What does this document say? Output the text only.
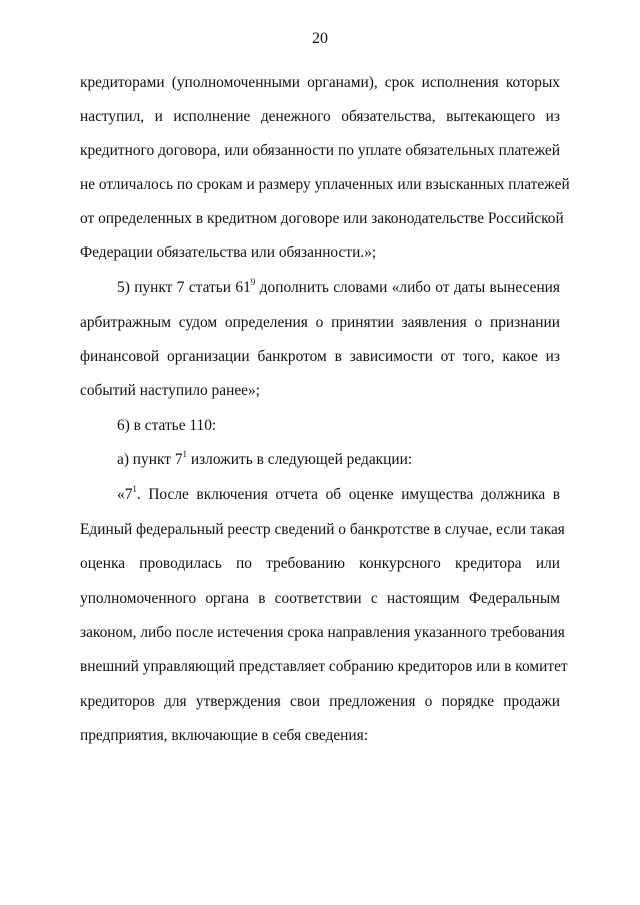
20
кредиторами (уполномоченными органами), срок исполнения которых
наступил, и исполнение денежного обязательства, вытекающего из
кредитного договора, или обязанности по уплате обязательных платежей
не отличалось по срокам и размеру уплаченных или взысканных платежей
от определенных в кредитном договоре или законодательстве Российской
Федерации обязательства или обязанности.»;
5) пункт 7 статьи $61^9$ дополнить словами «либо от даты вынесения
арбитражным судом определения о принятии заявления о признании
финансовой организации банкротом в зависимости от того, какое из
событий наступило ранее»;
6) в статье 110:
а) пункт $7^1$ изложить в следующей редакции:
«$7^1$. После включения отчета об оценке имущества должника в
Единый федеральный реестр сведений о банкротстве в случае, если такая
оценка проводилась по требованию конкурсного кредитора или
уполномоченного органа в соответствии с настоящим Федеральным
законом, либо после истечения срока направления указанного требования
внешний управляющий представляет собранию кредиторов или в комитет
кредиторов для утверждения свои предложения о порядке продажи
предприятия, включающие в себя сведения:
